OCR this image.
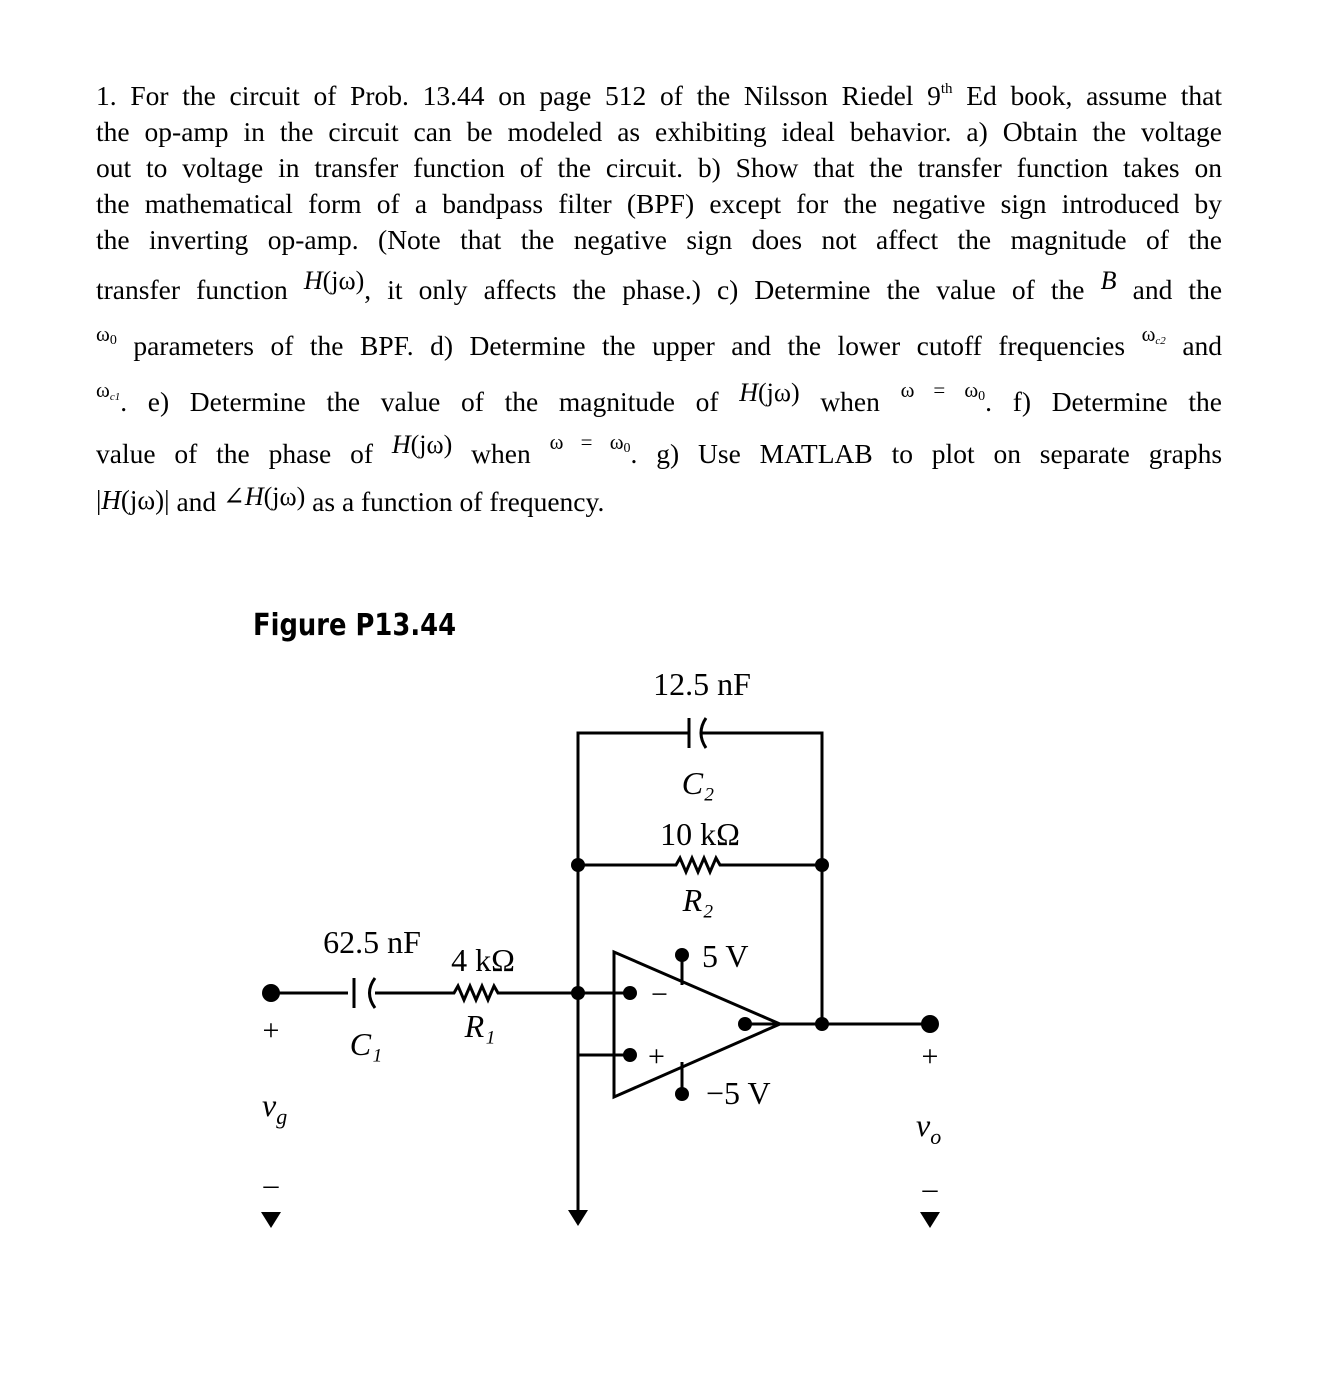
1. For the circuit of Prob. 13.44 on page 512 of the Nilsson Riedel 9th Ed book, assume that
the op-amp in the circuit can be modeled as exhibiting ideal behavior. a) Obtain the voltage
out to voltage in transfer function of the circuit. b) Show that the transfer function takes on
the mathematical form of a bandpass filter (BPF) except for the negative sign introduced by
the inverting op-amp. (Note that the negative sign does not affect the magnitude of the
transfer function H(jω), it only affects the phase.) c) Determine the value of the B and the
$^{\omega_0}$ parameters of the BPF. d) Determine the upper and the lower cutoff frequencies $^{\omega_{c2}}$ and
$^{\omega_{c1}}$. e) Determine the value of the magnitude of H(jω) when $^{\omega = \omega_0}$. f) Determine the
value of the phase of H(jω) when $^{\omega = \omega_0}$. g) Use MATLAB to plot on separate graphs
|H(jω)| and ∠H(jω) as a function of frequency.
Figure P13.44
12.5 nF
C₂
10 kΩ
R₂
62.5 nF
C₁
4 kΩ
R₁
5 V
−5 V
−
+
+
$v_g$
–
+
$v_o$
–
